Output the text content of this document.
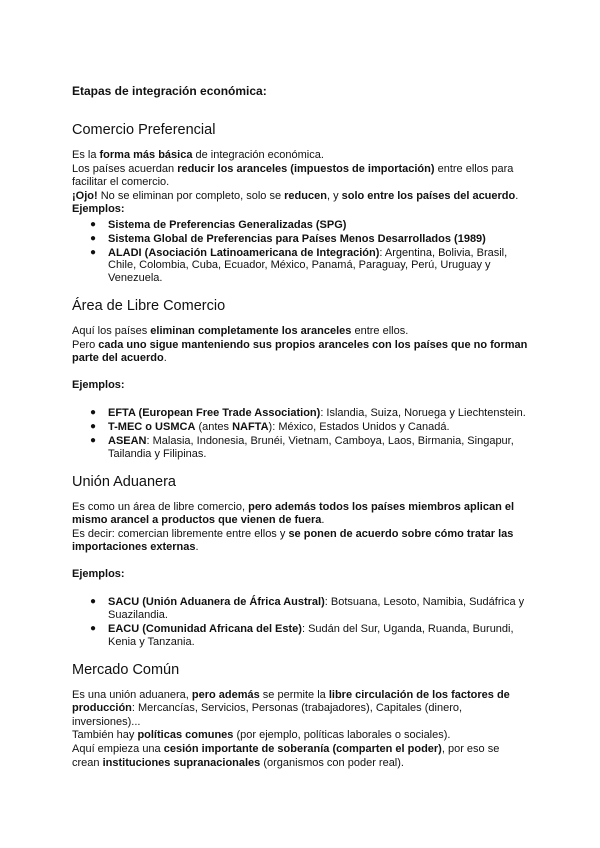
Etapas de integración económica:
Comercio Preferencial

Es la forma más básica de integración económica.

Los países acuerdan reducir los aranceles (impuestos de importación) entre ellos para facilitar el comercio.

¡Ojo! No se eliminan por completo, solo se reducen, y solo entre los países del acuerdo.

Ejemplos:

● Sistema de Preferencias Generalizadas (SPG)
● Sistema Global de Preferencias para Países Menos Desarrollados (1989)
● ALADI (Asociación Latinoamericana de Integración): Argentina, Bolivia, Brasil, Chile, Colombia, Cuba, Ecuador, México, Panamá, Paraguay, Perú, Uruguay y Venezuela.
Área de Libre Comercio

Aquí los países eliminan completamente los aranceles entre ellos.

Pero cada uno sigue manteniendo sus propios aranceles con los países que no forman parte del acuerdo.

Ejemplos:

● EFTA (European Free Trade Association): Islandia, Suiza, Noruega y Liechtenstein.
● T-MEC o USMCA (antes NAFTA): México, Estados Unidos y Canadá.
● ASEAN: Malasia, Indonesia, Brunéi, Vietnam, Camboya, Laos, Birmania, Singapur, Tailandia y Filipinas.
Unión Aduanera

Es como un área de libre comercio, pero además todos los países miembros aplican el mismo arancel a productos que vienen de fuera.

Es decir: comercian libremente entre ellos y se ponen de acuerdo sobre cómo tratar las importaciones externas.

Ejemplos:

● SACU (Unión Aduanera de África Austral): Botsuana, Lesoto, Namibia, Sudáfrica y Suazilandia.
● EACU (Comunidad Africana del Este): Sudán del Sur, Uganda, Ruanda, Burundi, Kenia y Tanzania.
Mercado Común

Es una unión aduanera, pero además se permite la libre circulación de los factores de producción: Mercancías, Servicios, Personas (trabajadores), Capitales (dinero, inversiones)...

También hay políticas comunes (por ejemplo, políticas laborales o sociales).

Aquí empieza una cesión importante de soberanía (comparten el poder), por eso se crean instituciones supranacionales (organismos con poder real).
